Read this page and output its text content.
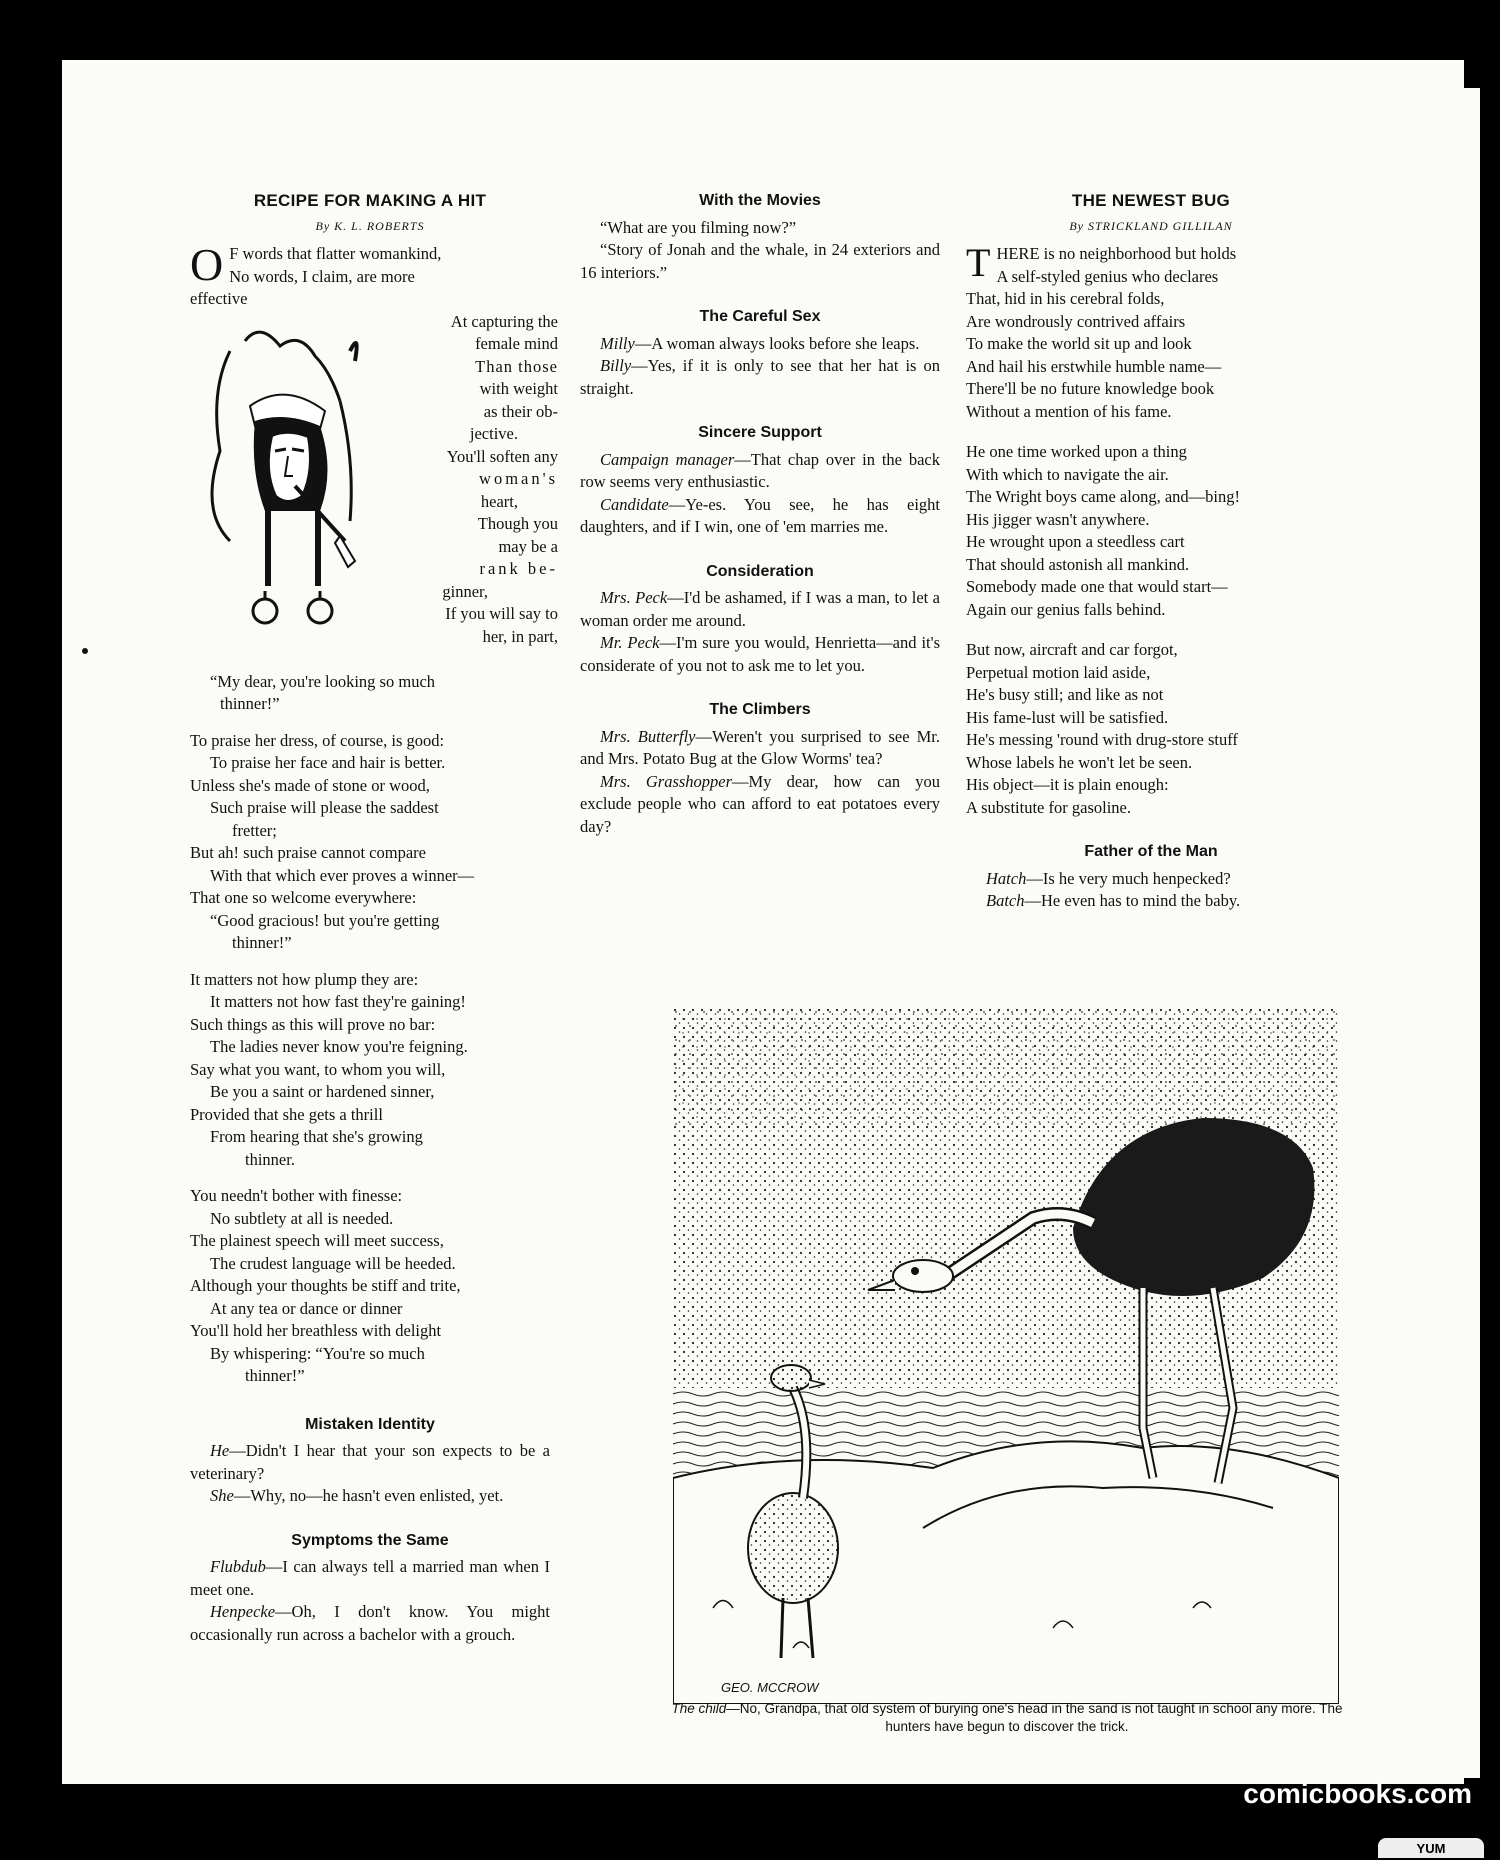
RECIPE FOR MAKING A HIT
By K. L. ROBERTS
O F words that flatter womankind,
No words, I claim, are more
effective
At capturing the
female mind
Than those
with weight
as their ob-
jective.
You'll soften any
woman's
heart,
Though you
may be a
rank be-
ginner,
If you will say to
her, in part,
“My dear, you're looking so much
thinner!”
To praise her dress, of course, is good:
To praise her face and hair is better.
Unless she's made of stone or wood,
Such praise will please the saddest
fretter;
But ah! such praise cannot compare
With that which ever proves a winner—
That one so welcome everywhere:
“Good gracious! but you're getting
thinner!”
It matters not how plump they are:
It matters not how fast they're gaining!
Such things as this will prove no bar:
The ladies never know you're feigning.
Say what you want, to whom you will,
Be you a saint or hardened sinner,
Provided that she gets a thrill
From hearing that she's growing
thinner.
You needn't bother with finesse:
No subtlety at all is needed.
The plainest speech will meet success,
The crudest language will be heeded.
Although your thoughts be stiff and trite,
At any tea or dance or dinner
You'll hold her breathless with delight
By whispering: “You're so much
thinner!”
Mistaken Identity

He—Didn't I hear that your son expects to be a veterinary?

She—Why, no—he hasn't even enlisted, yet.

Symptoms the Same

Flubdub—I can always tell a married man when I meet one.

Henpecke—Oh, I don't know. You might occasionally run across a bachelor with a grouch.

With the Movies

“What are you filming now?”

“Story of Jonah and the whale, in 24 exteriors and 16 interiors.”

The Careful Sex

Milly—A woman always looks before she leaps.

Billy—Yes, if it is only to see that her hat is on straight.

Sincere Support

Campaign manager—That chap over in the back row seems very enthusiastic.

Candidate—Ye-es. You see, he has eight daughters, and if I win, one of 'em marries me.

Consideration

Mrs. Peck—I'd be ashamed, if I was a man, to let a woman order me around.

Mr. Peck—I'm sure you would, Henrietta—and it's considerate of you not to ask me to let you.

The Climbers

Mrs. Butterfly—Weren't you surprised to see Mr. and Mrs. Potato Bug at the Glow Worms' tea?

Mrs. Grasshopper—My dear, how can you exclude people who can afford to eat potatoes every day?

THE NEWEST BUG
By STRICKLAND GILLILAN
T HERE is no neighborhood but holds
A self-styled genius who declares
That, hid in his cerebral folds,
Are wondrously contrived affairs
To make the world sit up and look
And hail his erstwhile humble name—
There'll be no future knowledge book
Without a mention of his fame.
He one time worked upon a thing
With which to navigate the air.
The Wright boys came along, and—bing!
His jigger wasn't anywhere.
He wrought upon a steedless cart
That should astonish all mankind.
Somebody made one that would start—
Again our genius falls behind.
But now, aircraft and car forgot,
Perpetual motion laid aside,
He's busy still; and like as not
His fame-lust will be satisfied.
He's messing 'round with drug-store stuff
Whose labels he won't let be seen.
His object—it is plain enough:
A substitute for gasoline.
Father of the Man

Hatch—Is he very much henpecked?

Batch—He even has to mind the baby.

GEO. MCCROW
The child—No, Grandpa, that old system of burying one's head in the sand is not taught in school any more. The hunters have begun to discover the trick.
comicbooks.com
YUM
